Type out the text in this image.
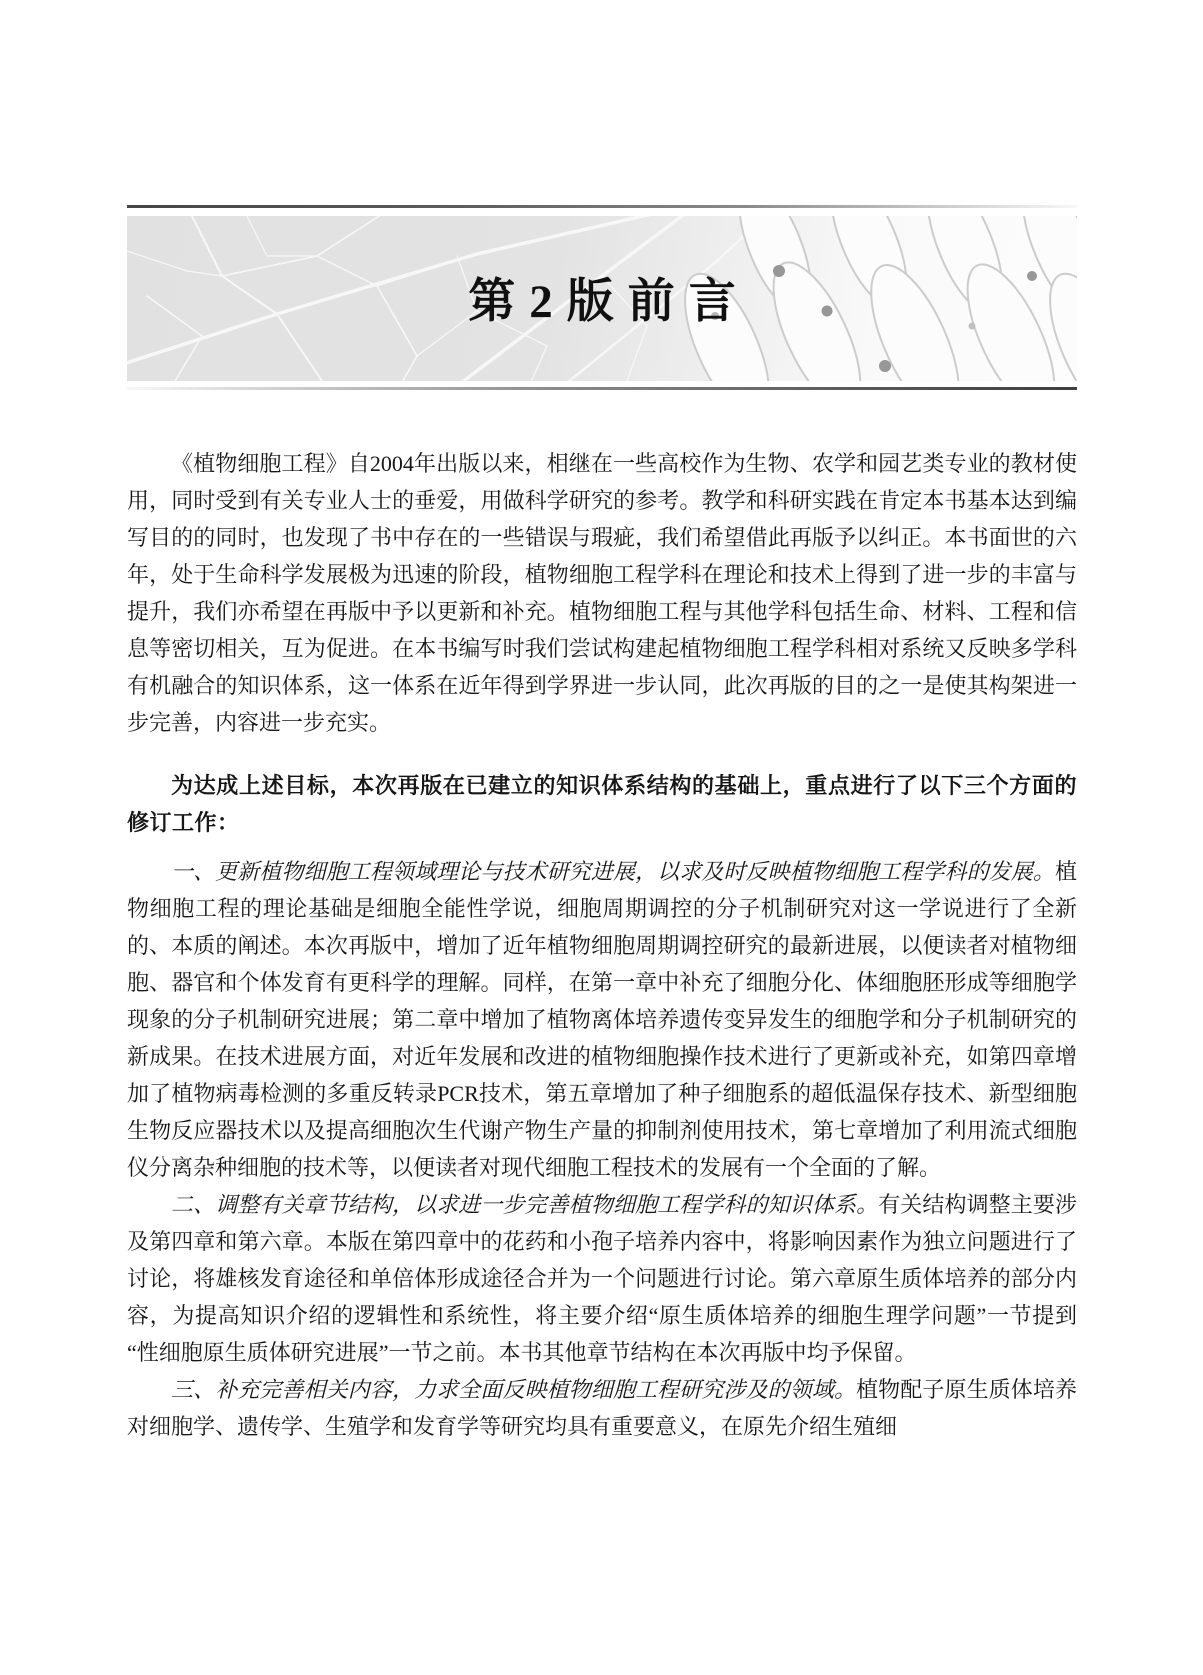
第2版前言

《植物细胞工程》自2004年出版以来，相继在一些高校作为生物、农学和园艺类专业的教材使用，同时受到有关专业人士的垂爱，用做科学研究的参考。教学和科研实践在肯定本书基本达到编写目的的同时，也发现了书中存在的一些错误与瑕疵，我们希望借此再版予以纠正。本书面世的六年，处于生命科学发展极为迅速的阶段，植物细胞工程学科在理论和技术上得到了进一步的丰富与提升，我们亦希望在再版中予以更新和补充。植物细胞工程与其他学科包括生命、材料、工程和信息等密切相关，互为促进。在本书编写时我们尝试构建起植物细胞工程学科相对系统又反映多学科有机融合的知识体系，这一体系在近年得到学界进一步认同，此次再版的目的之一是使其构架进一步完善，内容进一步充实。

为达成上述目标，本次再版在已建立的知识体系结构的基础上，重点进行了以下三个方面的修订工作：

一、更新植物细胞工程领域理论与技术研究进展，以求及时反映植物细胞工程学科的发展。植物细胞工程的理论基础是细胞全能性学说，细胞周期调控的分子机制研究对这一学说进行了全新的、本质的阐述。本次再版中，增加了近年植物细胞周期调控研究的最新进展，以便读者对植物细胞、器官和个体发育有更科学的理解。同样，在第一章中补充了细胞分化、体细胞胚形成等细胞学现象的分子机制研究进展；第二章中增加了植物离体培养遗传变异发生的细胞学和分子机制研究的新成果。在技术进展方面，对近年发展和改进的植物细胞操作技术进行了更新或补充，如第四章增加了植物病毒检测的多重反转录PCR技术，第五章增加了种子细胞系的超低温保存技术、新型细胞生物反应器技术以及提高细胞次生代谢产物生产量的抑制剂使用技术，第七章增加了利用流式细胞仪分离杂种细胞的技术等，以便读者对现代细胞工程技术的发展有一个全面的了解。

二、调整有关章节结构，以求进一步完善植物细胞工程学科的知识体系。有关结构调整主要涉及第四章和第六章。本版在第四章中的花药和小孢子培养内容中，将影响因素作为独立问题进行了讨论，将雄核发育途径和单倍体形成途径合并为一个问题进行讨论。第六章原生质体培养的部分内容，为提高知识介绍的逻辑性和系统性，将主要介绍“原生质体培养的细胞生理学问题”一节提到“性细胞原生质体研究进展”一节之前。本书其他章节结构在本次再版中均予保留。

三、补充完善相关内容，力求全面反映植物细胞工程研究涉及的领域。植物配子原生质体培养对细胞学、遗传学、生殖学和发育学等研究均具有重要意义，在原先介绍生殖细
